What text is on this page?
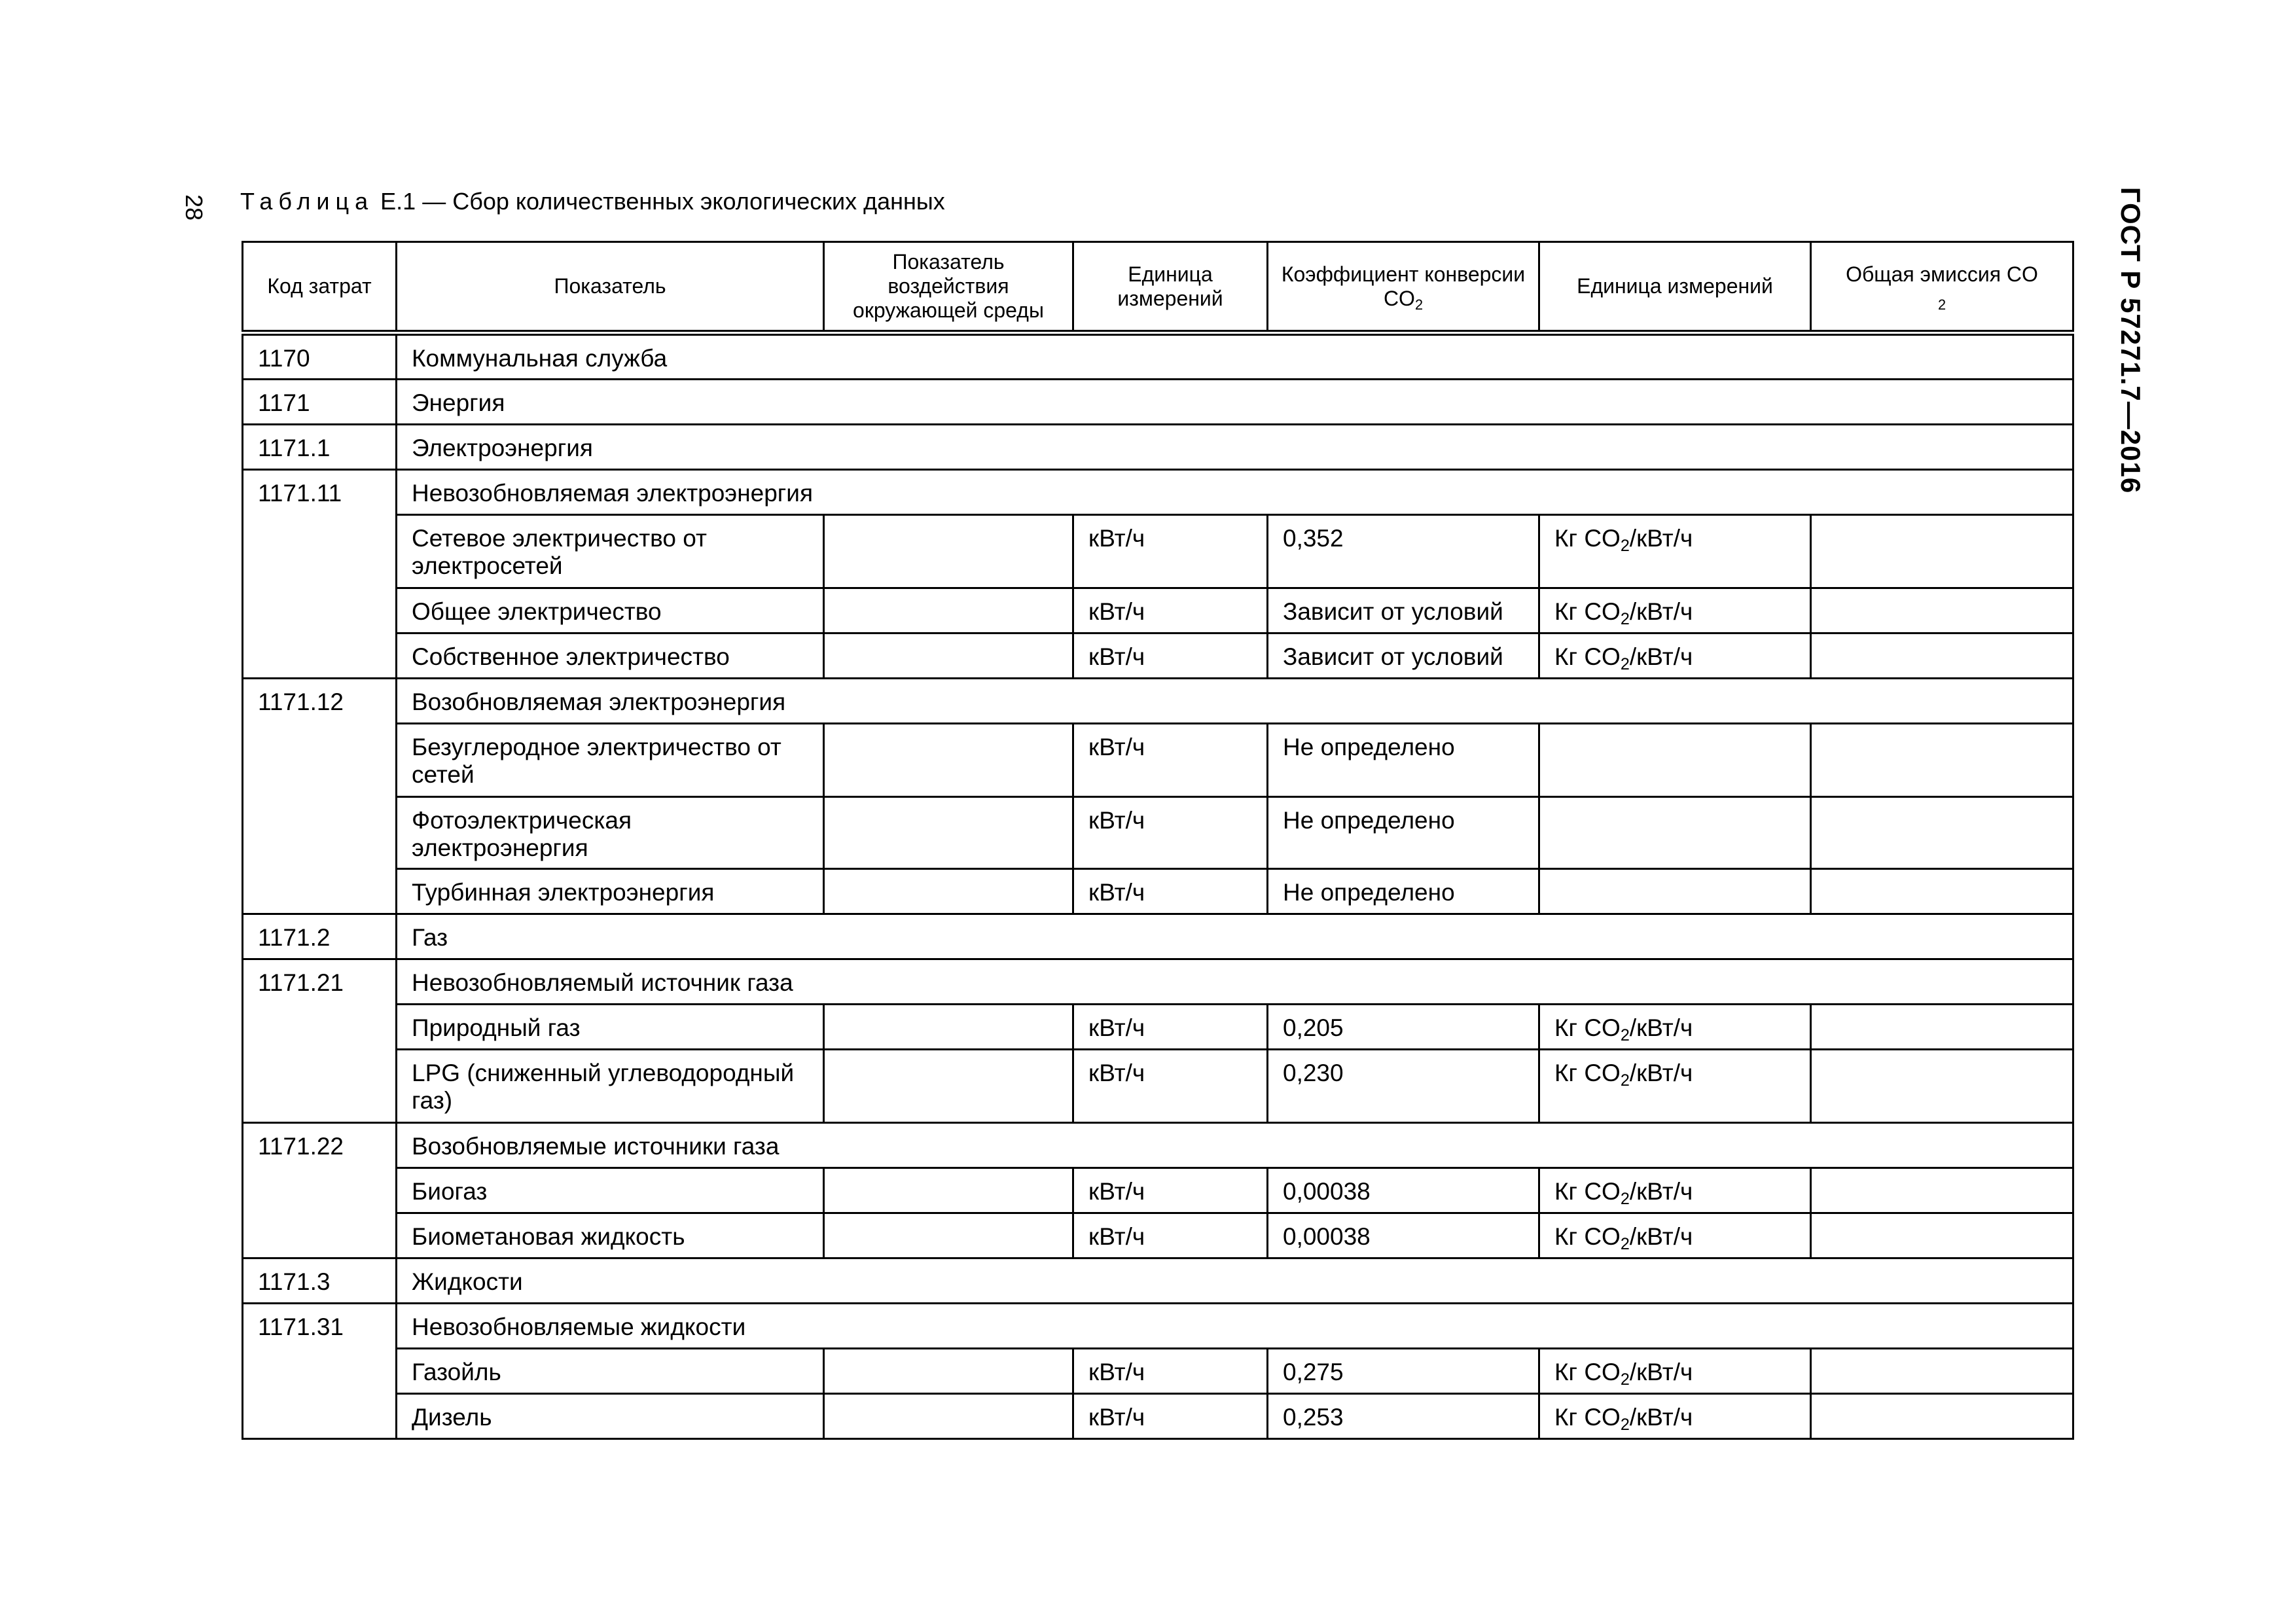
28	ГОСТ Р 57271.7—2016
Таблица Е.1 — Сбор количественных экологических данных
Код затрат	Показатель	Показатель воздействия окружающей среды	Единица измерений	Коэффициент конверсии $CO_2$	Единица измерений	Общая эмиссия CO
$_2$
1170	Коммунальная служба					
1171	Энергия					
1171.1	Электроэнергия					
1171.11	Невозобновляемая электроэнергия					
	Сетевое электричество от электросетей		кВт/ч	0,352	Кг $CO_2/кВт/ч$	
	Общее электричество		кВт/ч	Зависит от условий	Кг $CO_2/кВт/ч$	
	Собственное электричество		кВт/ч	Зависит от условий	Кг $CO_2/кВт/ч$	
1171.12	Возобновляемая электроэнергия					
	Безуглеродное электричество от сетей		кВт/ч	Не определено		
	Фотоэлектрическая электроэнергия		кВт/ч	Не определено		
	Турбинная электроэнергия		кВт/ч	Не определено		
1171.2	Газ					
1171.21	Невозобновляемый источник газа					
	Природный газ		кВт/ч	0,205	Кг $CO_2/кВт/ч$	
	LPG (сниженный углеводородный газ)		кВт/ч	0,230	Кг $CO_2/кВт/ч$	
1171.22	Возобновляемые источники газа					
	Биогаз		кВт/ч	0,00038	Кг $CO_2/кВт/ч$	
	Биометановая жидкость		кВт/ч	0,00038	Кг $CO_2/кВт/ч$	
1171.3	Жидкости					
1171.31	Невозобновляемые жидкости					
	Газойль		кВт/ч	0,275	Кг $CO_2/кВт/ч$	
	Дизель		кВт/ч	0,253	Кг $CO_2/кВт/ч$	
